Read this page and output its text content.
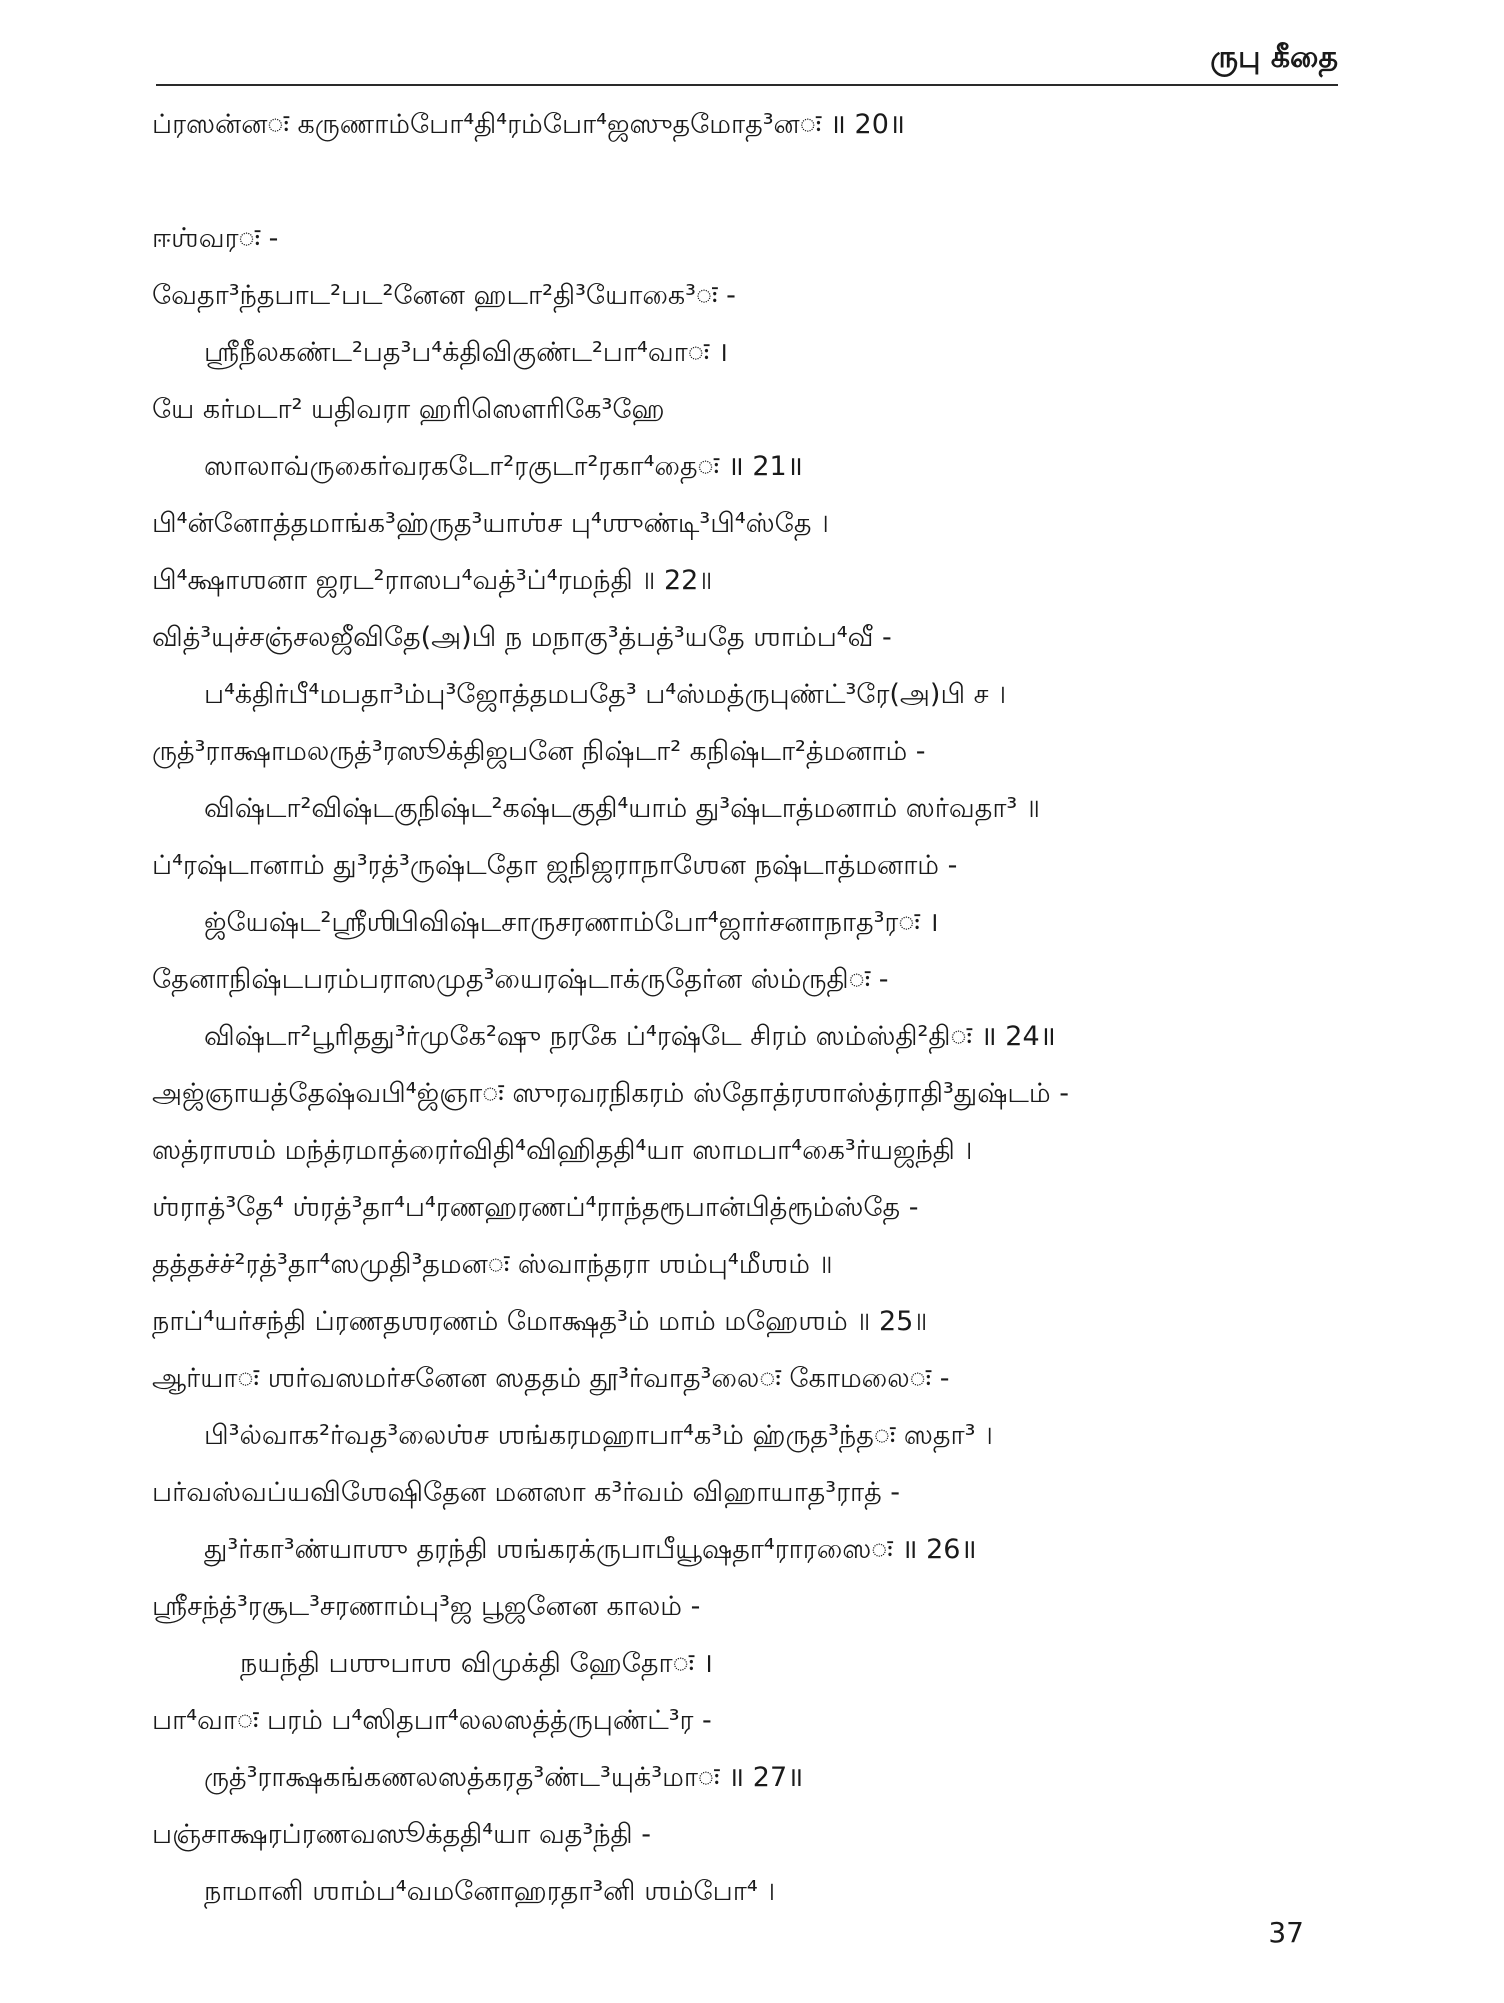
ருபு கீதை
ப்ரஸன்னः கருணாம்போ⁴தி⁴ரம்போ⁴ஜஸுதமோத³னः ॥ 20॥
ஈஶ்வரः -
வேதா³ந்தபாட²பட²னேன ஹடா²தி³யோகை³ः -
ஶ்ரீநீலகண்ட²பத³ப⁴க்திவிகுண்ட²பா⁴வாः ।
யே கர்மடா² யதிவரா ஹரிஸௌரிகே³ஹே
ஸாலாவ்ருகைர்வரகடோ²ரகுடா²ரகா⁴தைः ॥ 21॥
பி⁴ன்னோத்தமாங்க³ஹ்ருத³யாஶ்ச பு⁴ஶுண்டி³பி⁴ஸ்தே ।
பி⁴க்ஷாஶனா ஜரட²ராஸப⁴வத்³ப்⁴ரமந்தி ॥ 22॥
வித்³யுச்சஞ்சலஜீவிதே(அ)பி ந மநாகு³த்பத்³யதே ஶாம்ப⁴வீ -
ப⁴க்திர்பீ⁴மபதா³ம்பு³ஜோத்தமபதே³ ப⁴ஸ்மத்ருபுண்ட்³ரே(அ)பி ச ।
ருத்³ராக்ஷாமலருத்³ரஸூக்திஜபனே நிஷ்டா² கநிஷ்டா²த்மனாம் -
விஷ்டா²விஷ்டகுநிஷ்ட²கஷ்டகுதி⁴யாம் து³ஷ்டாத்மனாம் ஸர்வதா³ ॥
ப்⁴ரஷ்டானாம் து³ரத்³ருஷ்டதோ ஜநிஜராநாஶேன நஷ்டாத்மனாம் -
ஜ்யேஷ்ட²ஶ்ரீஶிபிவிஷ்டசாருசரணாம்போ⁴ஜார்சனாநாத³ரः ।
தேனாநிஷ்டபரம்பராஸமுத³யைரஷ்டாக்ருதேர்ன ஸ்ம்ருதிः -
விஷ்டா²பூரிதது³ர்முகே²ஷு நரகே ப்⁴ரஷ்டே சிரம் ஸம்ஸ்தி²திः ॥ 24॥
அஜ்ஞாயத்தேஷ்வபி⁴ஜ்ஞாः ஸுரவரநிகரம் ஸ்தோத்ரஶாஸ்த்ராதி³துஷ்டம் -
ஸத்ராஶம் மந்த்ரமாத்ரைர்விதி⁴விஹிததி⁴யா ஸாமபா⁴கை³ர்யஜந்தி ।
ஶ்ராத்³தே⁴ ஶ்ரத்³தா⁴ப⁴ரணஹரணப்⁴ராந்தரூபான்பித்ரூம்ஸ்தே -
தத்தச்ச்²ரத்³தா⁴ஸமுதி³தமனः ஸ்வாந்தரா ஶம்பு⁴மீஶம் ॥
நாப்⁴யர்சந்தி ப்ரணதஶரணம் மோக்ஷத³ம் மாம் மஹேஶம் ॥ 25॥
ஆர்யாः ஶர்வஸமர்சனேன ஸததம் தூ³ர்வாத³லைः கோமலைः -
பி³ல்வாக²ர்வத³லைஶ்ச ஶங்கரமஹாபா⁴க³ம் ஹ்ருத³ந்தः ஸதா³ ।
பர்வஸ்வப்யவிஶேஷிதேன மனஸா க³ர்வம் விஹாயாத³ராத் -
து³ர்கா³ண்யாஶு தரந்தி ஶங்கரக்ருபாபீயூஷதா⁴ராரஸைः ॥ 26॥
ஶ்ரீசந்த்³ரசூட³சரணாம்பு³ஜ பூஜனேன காலம் -
நயந்தி பஶுபாஶ விமுக்தி ஹேதோः ।
பா⁴வாः பரம் ப⁴ஸிதபா⁴லலஸத்த்ருபுண்ட்³ர -
ருத்³ராக்ஷகங்கணலஸத்கரத³ண்ட³யுக்³மாः ॥ 27॥
பஞ்சாக்ஷரப்ரணவஸூக்ததி⁴யா வத³ந்தி -
நாமானி ஶாம்ப⁴வமனோஹரதா³னி ஶம்போ⁴ ।
37
